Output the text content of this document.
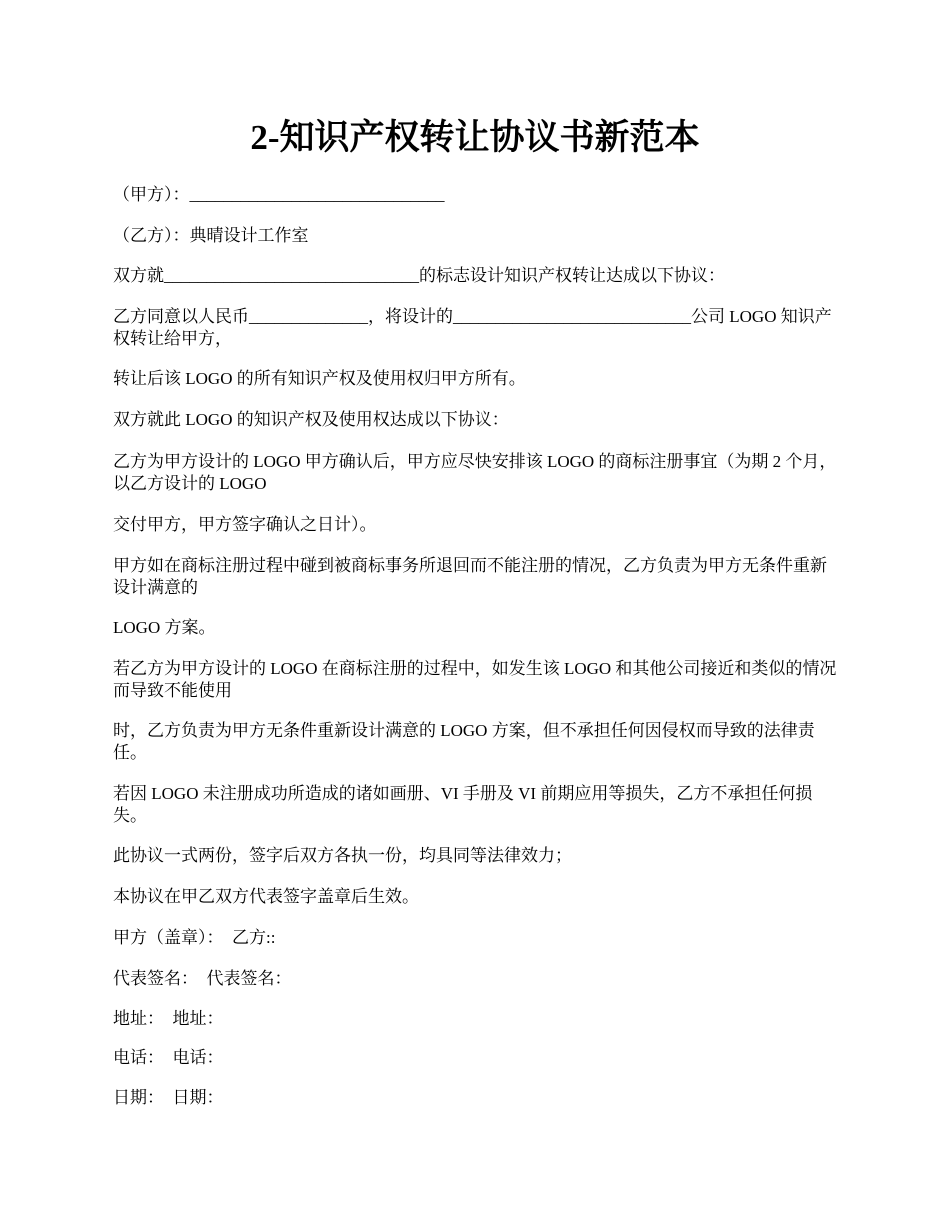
2-知识产权转让协议书新范本

（甲方）：______________________________

（乙方）：典晴设计工作室

双方就______________________________的标志设计知识产权转让达成以下协议：

乙方同意以人民币______________，将设计的____________________________公司 LOGO 知识产权转让给甲方，

转让后该 LOGO 的所有知识产权及使用权归甲方所有。

双方就此 LOGO 的知识产权及使用权达成以下协议：

乙方为甲方设计的 LOGO 甲方确认后，甲方应尽快安排该 LOGO 的商标注册事宜（为期 2 个月，以乙方设计的 LOGO

交付甲方，甲方签字确认之日计）。

甲方如在商标注册过程中碰到被商标事务所退回而不能注册的情况，乙方负责为甲方无条件重新设计满意的

LOGO 方案。

若乙方为甲方设计的 LOGO 在商标注册的过程中，如发生该 LOGO 和其他公司接近和类似的情况而导致不能使用

时，乙方负责为甲方无条件重新设计满意的 LOGO 方案，但不承担任何因侵权而导致的法律责任。

若因 LOGO 未注册成功所造成的诸如画册、VI 手册及 VI 前期应用等损失，乙方不承担任何损失。

此协议一式两份，签字后双方各执一份，均具同等法律效力；

本协议在甲乙双方代表签字盖章后生效。

甲方（盖章）：  乙方::

代表签名：  代表签名：

地址：  地址：

电话：  电话：

日期：  日期：
